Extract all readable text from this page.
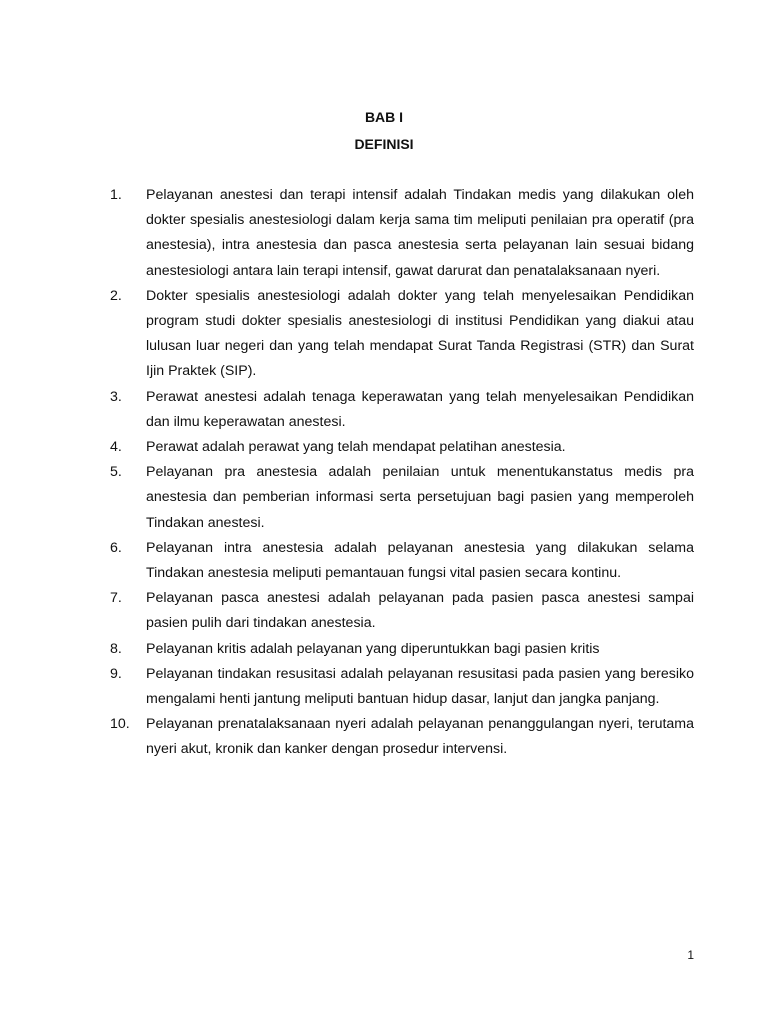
BAB I
DEFINISI
1. Pelayanan anestesi dan terapi intensif adalah Tindakan medis yang dilakukan oleh dokter spesialis anestesiologi dalam kerja sama tim meliputi penilaian pra operatif (pra anestesia), intra anestesia dan pasca anestesia serta pelayanan lain sesuai bidang anestesiologi antara lain terapi intensif, gawat darurat dan penatalaksanaan nyeri.
2. Dokter spesialis anestesiologi adalah dokter yang telah menyelesaikan Pendidikan program studi dokter spesialis anestesiologi di institusi Pendidikan yang diakui atau lulusan luar negeri dan yang telah mendapat Surat Tanda Registrasi (STR) dan Surat Ijin Praktek (SIP).
3. Perawat anestesi adalah tenaga keperawatan yang telah menyelesaikan Pendidikan dan ilmu keperawatan anestesi.
4. Perawat adalah perawat yang telah mendapat pelatihan anestesia.
5. Pelayanan pra anestesia adalah penilaian untuk menentukanstatus medis pra anestesia dan pemberian informasi serta persetujuan bagi pasien yang memperoleh Tindakan anestesi.
6. Pelayanan intra anestesia adalah pelayanan anestesia yang dilakukan selama Tindakan anestesia meliputi pemantauan fungsi vital pasien secara kontinu.
7. Pelayanan pasca anestesi adalah pelayanan pada pasien pasca anestesi sampai pasien pulih dari tindakan anestesia.
8. Pelayanan kritis adalah pelayanan yang diperuntukkan bagi pasien kritis
9. Pelayanan tindakan resusitasi adalah pelayanan resusitasi pada pasien yang beresiko mengalami henti jantung meliputi bantuan hidup dasar, lanjut dan jangka panjang.
10. Pelayanan prenatalaksanaan nyeri adalah pelayanan penanggulangan nyeri, terutama nyeri akut, kronik dan kanker dengan prosedur intervensi.
1
